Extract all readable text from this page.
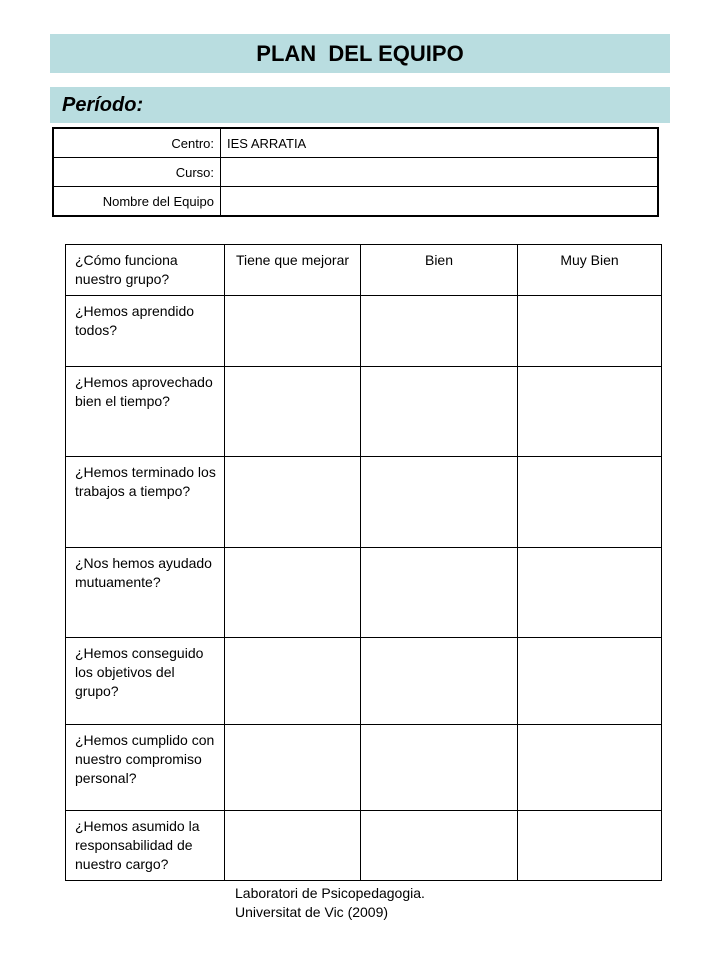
PLAN  DEL EQUIPO
Período:
Centro:	IES ARRATIA
Curso:	
Nombre del Equipo	
¿Cómo funciona nuestro grupo?	Tiene que mejorar	Bien	Muy Bien
¿Hemos aprendido todos?			
¿Hemos aprovechado bien el tiempo?			
¿Hemos terminado los trabajos a tiempo?			
¿Nos hemos ayudado mutuamente?			
¿Hemos conseguido los objetivos del grupo?			
¿Hemos cumplido con nuestro compromiso personal?			
¿Hemos asumido la responsabilidad de nuestro cargo?			
Laboratori de Psicopedagogia.
Universitat de Vic (2009)
